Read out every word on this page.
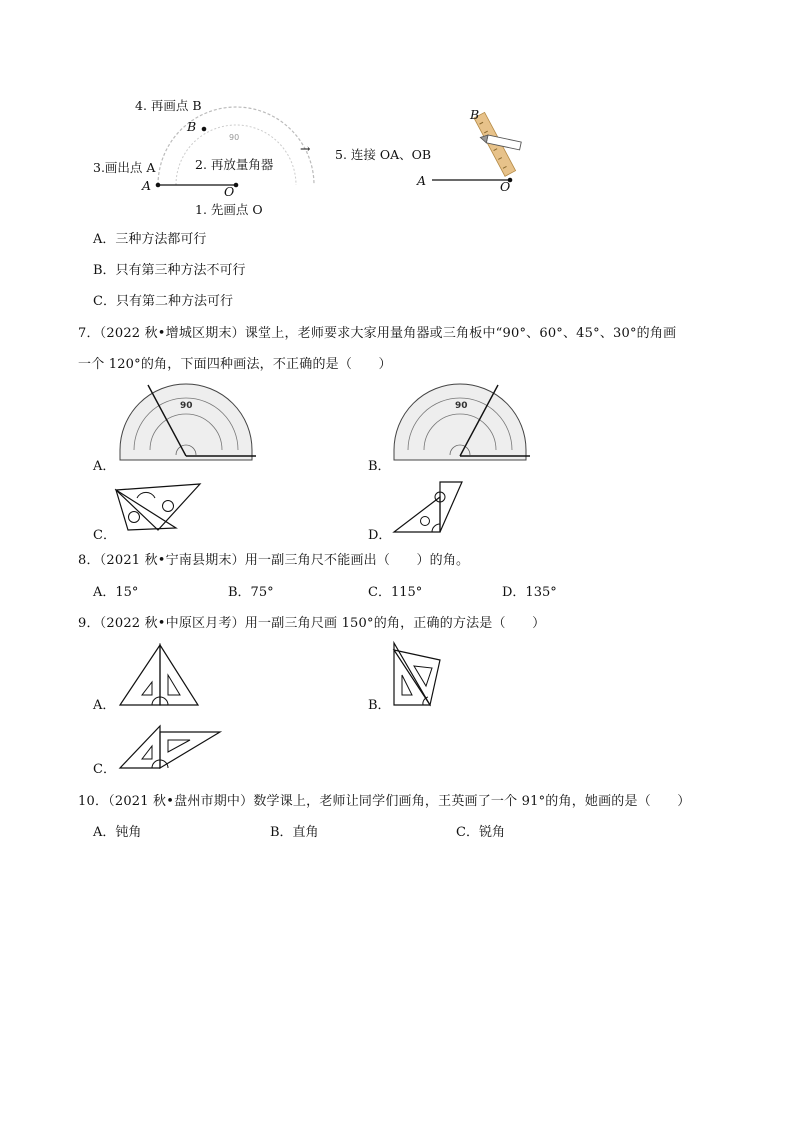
90
4. 再画点 B
B
3.画出点 A
A
2. 再放量角器
O
1. 先画点 O
→ 5. 连接 OA、OB
B
A	O
A．三种方法都可行
B．只有第三种方法不可行
C．只有第二种方法可行
7．（2022 秋•增城区期末）课堂上，老师要求大家用量角器或三角板中“90°、60°、45°、30°的角画
一个 120°的角，下面四种画法，不正确的是（　　）
90
A．
90
B．
C．	D．
8．（2021 秋•宁南县期末）用一副三角尺不能画出（　　）的角。
A．15°	B．75°	C．115°	D．135°
9．（2022 秋•中原区月考）用一副三角尺画 150°的角，正确的方法是（　　）
A．	B．
C．
10．（2021 秋•盘州市期中）数学课上，老师让同学们画角，王英画了一个 91°的角，她画的是（　　）
A．钝角	B．直角	C．锐角
